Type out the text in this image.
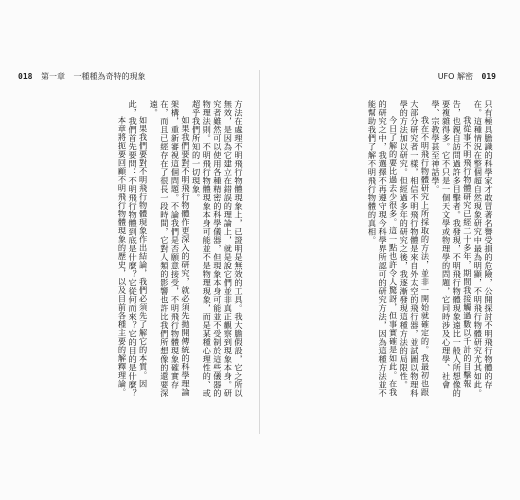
018 第一章 一種種為奇特的現象	UFO 解密 019

方法在處理不明飛行物體現象上，已證明是無效的工具。我大膽假設，它之所以無效，是因為它建立在錯誤的理論上，就是說它們並非真正觀察到現象本身。研究者雖然可以使用各種精密的科學儀器，但現象本身可能並不受制於這些儀器的物理法則。不明飛行物體現象本身可能並不是物理現象，而是某種心理性的、或超乎我們所知的一切現象。

如果我們要對不明飛行物體作更深入的研究，就必須先拋開傳統的科學理論架構，重新審視這個問題。不論我們是否願意接受，不明飛行物體現象確實存在，而且已經存在了很長一段時間，它對人類的影響也許比我們所想像的還要深遠。

如果我們要對不明飛行物體現象作出結論，我們必須先了解它的本質。因此，我們首先要問：不明飛行物體到底是什麼？它從何而來？它的目的是什麼？

本章將扼要回顧不明飛行物體現象的歷史，以及目前各種主要的解釋理論。	只有極具膽識的科學家才敢冒著名譽受損的危險，公開探討不明飛行物體的存在。這種情況在整個超自然現象研究中最為明顯，不明飛行物體研究尤其如此。

我從事不明飛行物體研究已經二十多年，期間我接觸過數以千計的目擊報告，也親自訪問過許多目擊者。我發現，不明飛行物體現象遠比一般人所想像的要複雜得多。它不只是一個天文學或物理學的問題，它同時涉及心理學、社會學、宗教學甚至神話學。

我在不明飛行物體研究上所採取的方法，並非一開始就確定的。我最初也跟大部分研究者一樣，相信不明飛行物體是來自外太空的飛行器，並試圖以物理科學的方法加以研究。但經過多年的研究之後，我逐漸發現這種方法的局限性。

今日了解的要比過去少很多。這一點也許令人驚訝，但事實確是如此。在我的研究之中，我選擇不再遵守現今科學界所認可的研究方法，因為這種方法並不能幫助我們了解不明飛行物體的真相。
